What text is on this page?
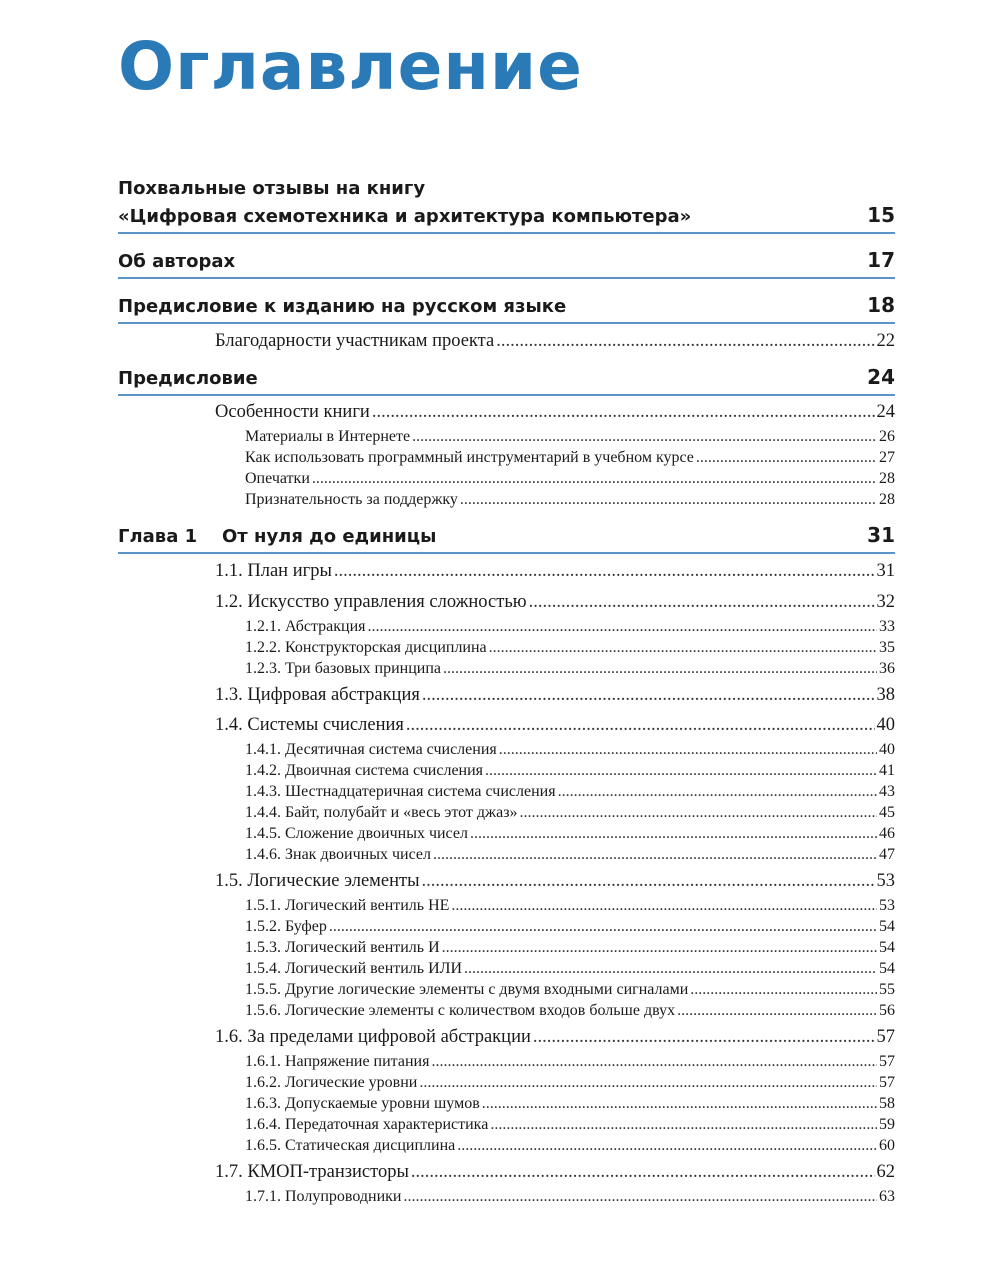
Оглавление
Похвальные отзывы на книгу
«Цифровая схемотехника и архитектура компьютера»	15
Об авторах	17
Предисловие к изданию на русском языке	18
Благодарности участникам проекта .....	22
Предисловие	24
Особенности книги .....	24
Материалы в Интернете .....	26
Как использовать программный инструментарий в учебном курсе .....	27
Опечатки .....	28
Признательность за поддержку .....	28
Глава 1 От нуля до единицы	31
1.1. План игры .....	31
1.2. Искусство управления сложностью .....	32
1.2.1. Абстракция .....	33
1.2.2. Конструкторская дисциплина .....	35
1.2.3. Три базовых принципа .....	36
1.3. Цифровая абстракция .....	38
1.4. Системы счисления .....	40
1.4.1. Десятичная система счисления .....	40
1.4.2. Двоичная система счисления .....	41
1.4.3. Шестнадцатеричная система счисления .....	43
1.4.4. Байт, полубайт и «весь этот джаз» .....	45
1.4.5. Сложение двоичных чисел .....	46
1.4.6. Знак двоичных чисел .....	47
1.5. Логические элементы .....	53
1.5.1. Логический вентиль НЕ .....	53
1.5.2. Буфер .....	54
1.5.3. Логический вентиль И .....	54
1.5.4. Логический вентиль ИЛИ .....	54
1.5.5. Другие логические элементы с двумя входными сигналами .....	55
1.5.6. Логические элементы с количеством входов больше двух .....	56
1.6. За пределами цифровой абстракции .....	57
1.6.1. Напряжение питания .....	57
1.6.2. Логические уровни .....	57
1.6.3. Допускаемые уровни шумов .....	58
1.6.4. Передаточная характеристика .....	59
1.6.5. Статическая дисциплина .....	60
1.7. КМОП-транзисторы .....	62
1.7.1. Полупроводники .....	63
